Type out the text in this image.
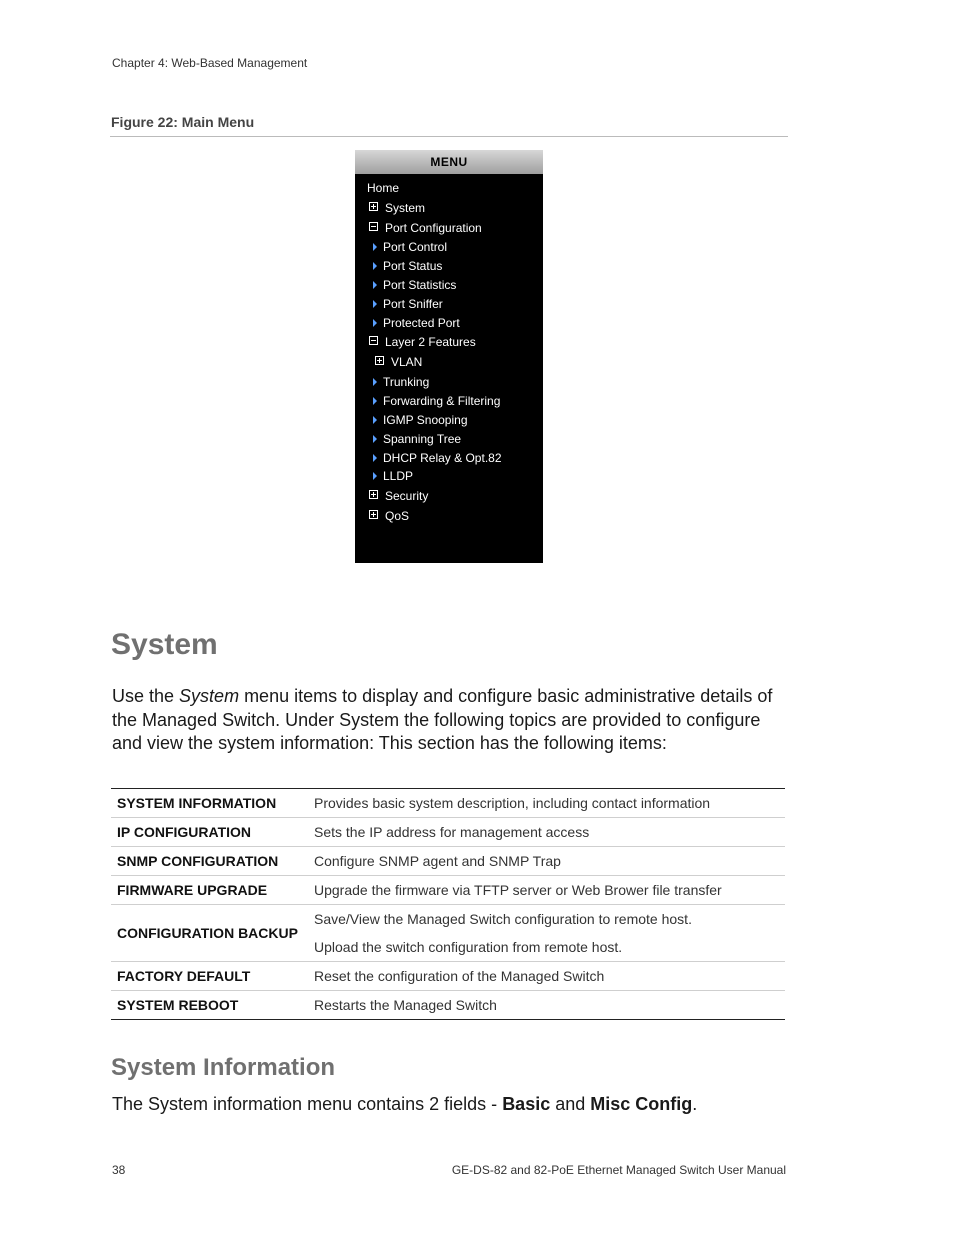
Chapter 4: Web-Based Management
Figure 22: Main Menu
MENU
Home
System
Port Configuration
Port Control
Port Status
Port Statistics
Port Sniffer
Protected Port
Layer 2 Features
VLAN
Trunking
Forwarding & Filtering
IGMP Snooping
Spanning Tree
DHCP Relay & Opt.82
LLDP
Security
QoS
System

Use the System menu items to display and configure basic administrative details of the Managed Switch. Under System the following topics are provided to configure and view the system information: This section has the following items:

SYSTEM INFORMATION	Provides basic system description, including contact information

IP CONFIGURATION	Sets the IP address for management access

SNMP CONFIGURATION	Configure SNMP agent and SNMP Trap

FIRMWARE UPGRADE	Upgrade the firmware via TFTP server or Web Brower file transfer

CONFIGURATION BACKUP	Save/View the Managed Switch configuration to remote host.
Upload the switch configuration from remote host.

FACTORY DEFAULT	Reset the configuration of the Managed Switch

SYSTEM REBOOT	Restarts the Managed Switch
System Information

The System information menu contains 2 fields - Basic and Misc Config.

38	GE-DS-82 and 82-PoE Ethernet Managed Switch User Manual
